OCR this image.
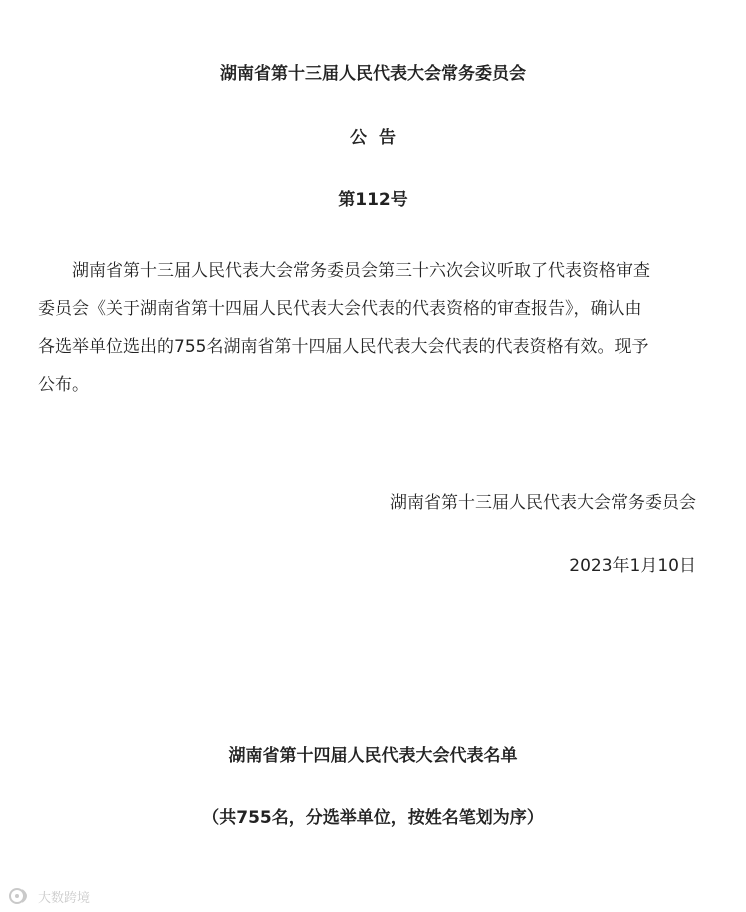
湖南省第十三届人民代表大会常务委员会
公告
第112号
湖南省第十三届人民代表大会常务委员会第三十六次会议听取了代表资格审查
委员会《关于湖南省第十四届人民代表大会代表的代表资格的审查报告》，确认由
各选举单位选出的755名湖南省第十四届人民代表大会代表的代表资格有效。现予
公布。
湖南省第十三届人民代表大会常务委员会
2023年1月10日
湖南省第十四届人民代表大会代表名单
（共755名，分选举单位，按姓名笔划为序）
大数跨境
